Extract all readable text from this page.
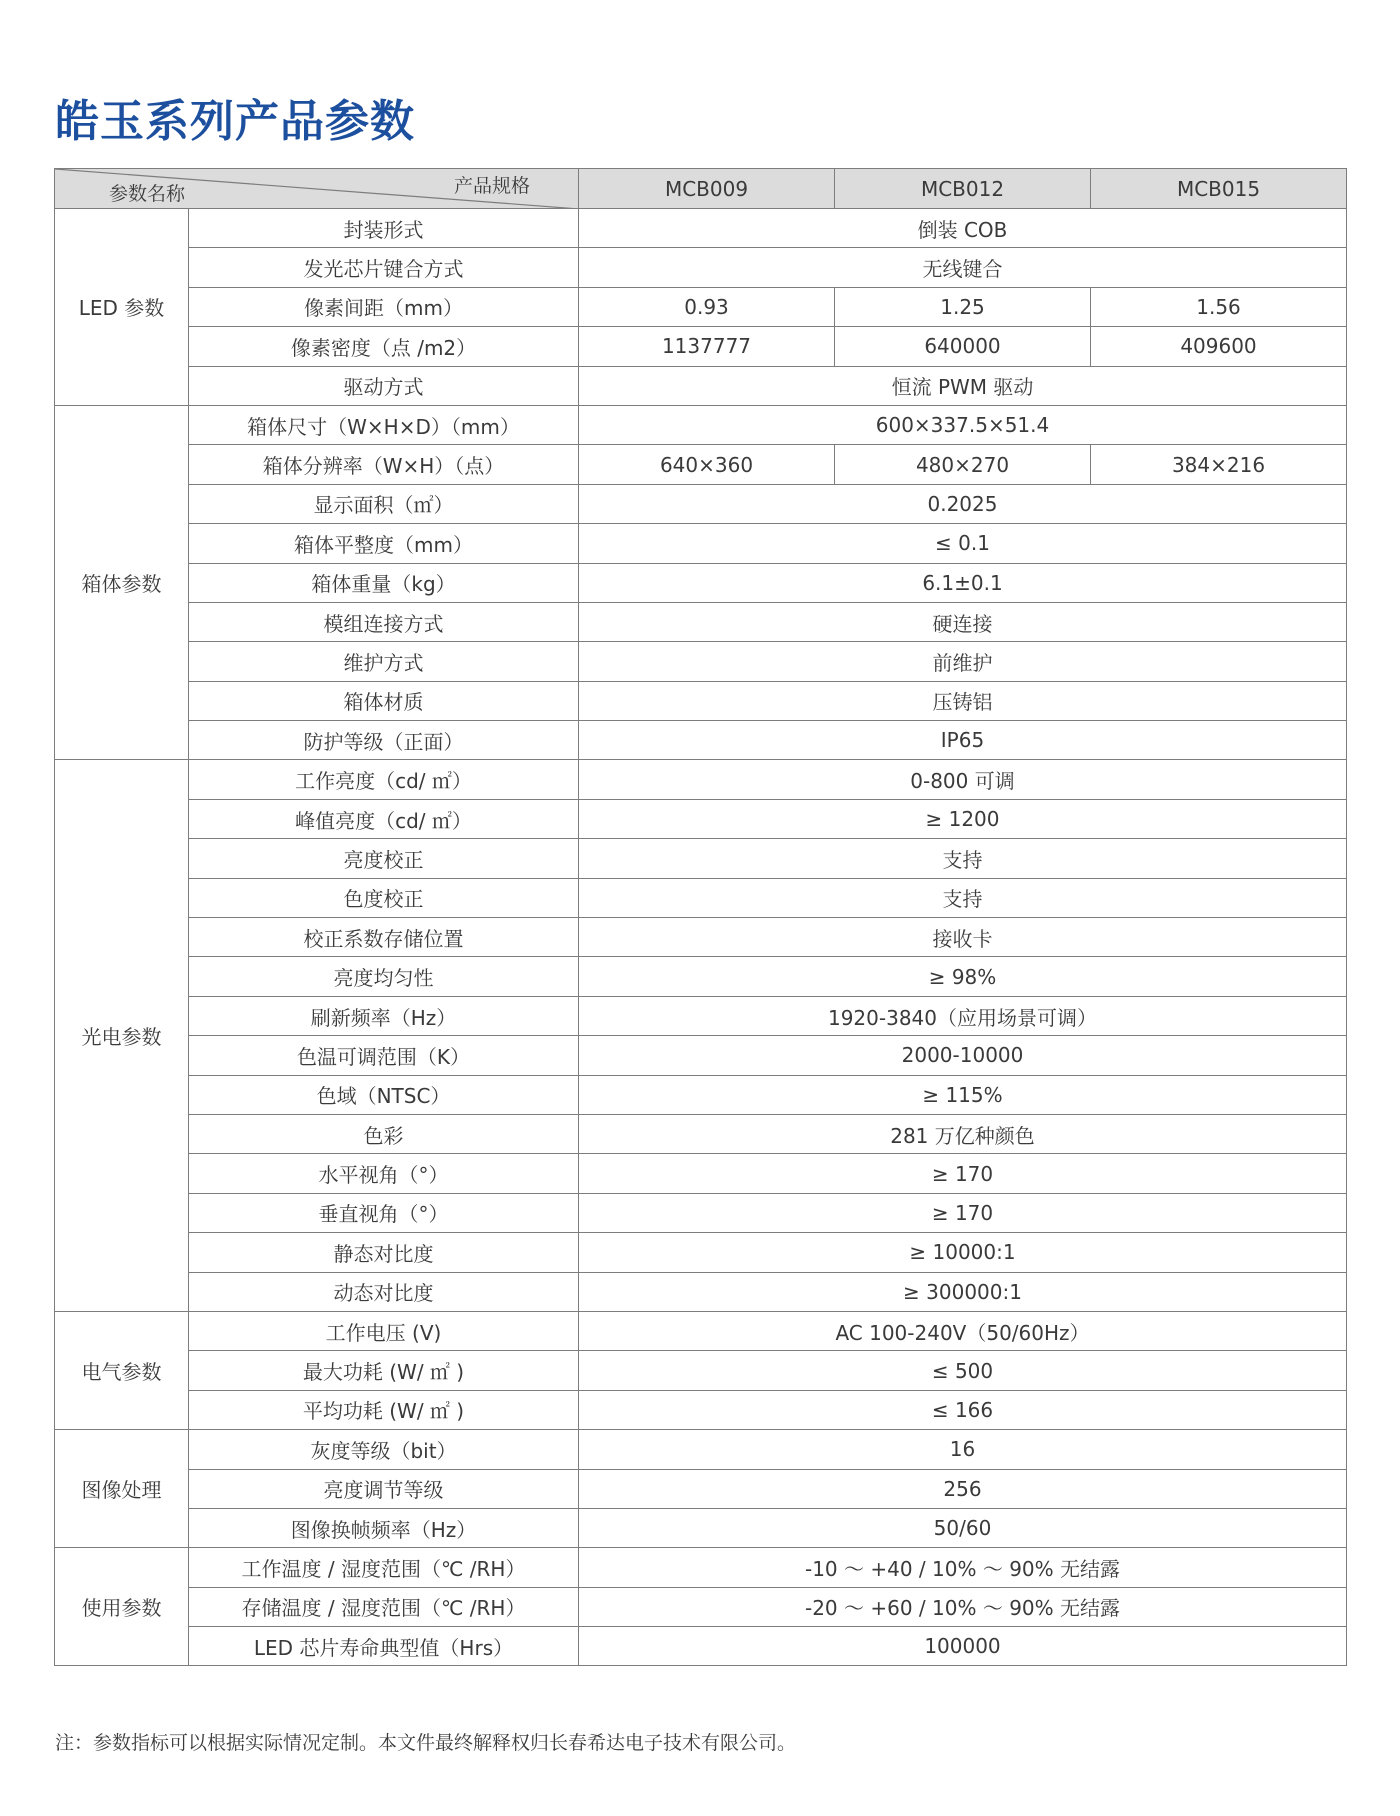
皓玉系列产品参数
参数名称 产品规格		MCB009	MCB012	MCB015
LED 参数	封装形式	倒装 COB		
	发光芯片键合方式	无线键合		
	像素间距（mm）	0.93	1.25	1.56
	像素密度（点 /m2）	1137777	640000	409600
	驱动方式	恒流 PWM 驱动		
箱体参数	箱体尺寸（W×H×D）（mm）	600×337.5×51.4		
	箱体分辨率（W×H）（点）	640×360	480×270	384×216
	显示面积（㎡）	0.2025		
	箱体平整度（mm）	≤ 0.1		
	箱体重量（kg）	6.1±0.1		
	模组连接方式	硬连接		
	维护方式	前维护		
	箱体材质	压铸铝		
	防护等级（正面）	IP65		
光电参数	工作亮度（cd/ ㎡）	0-800 可调		
	峰值亮度（cd/ ㎡）	≥ 1200		
	亮度校正	支持		
	色度校正	支持		
	校正系数存储位置	接收卡		
	亮度均匀性	≥ 98%		
	刷新频率（Hz）	1920-3840（应用场景可调）		
	色温可调范围（K）	2000-10000		
	色域（NTSC）	≥ 115%		
	色彩	281 万亿种颜色		
	水平视角（°）	≥ 170		
	垂直视角（°）	≥ 170		
	静态对比度	≥ 10000:1		
	动态对比度	≥ 300000:1		
电气参数	工作电压 (V)	AC 100-240V（50/60Hz）		
	最大功耗 (W/ ㎡ )	≤ 500		
	平均功耗 (W/ ㎡ )	≤ 166		
图像处理	灰度等级（bit）	16		
	亮度调节等级	256		
	图像换帧频率（Hz）	50/60		
使用参数	工作温度 / 湿度范围（℃ /RH）	-10 ～ +40 / 10% ～ 90% 无结露		
	存储温度 / 湿度范围（℃ /RH）	-20 ～ +60 / 10% ～ 90% 无结露		
	LED 芯片寿命典型值（Hrs）	100000		
注：参数指标可以根据实际情况定制。本文件最终解释权归长春希达电子技术有限公司。
